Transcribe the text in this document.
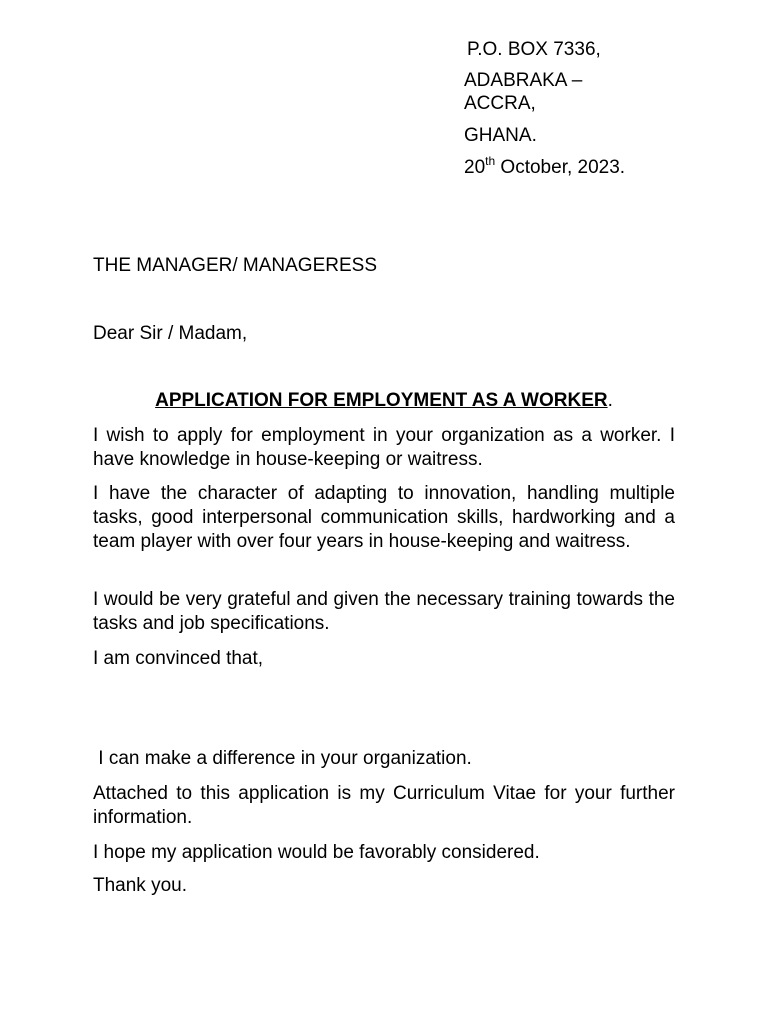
P.O. BOX 7336,
ADABRAKA –
ACCRA,
GHANA.
20th October, 2023.
THE MANAGER/ MANAGERESS
Dear Sir / Madam,
APPLICATION FOR EMPLOYMENT AS A WORKER.

I wish to apply for employment in your organization as a worker. I have knowledge in house-keeping or waitress.

I have the character of adapting to innovation, handling multiple tasks, good interpersonal communication skills, hardworking and a team player with over four years in house-keeping and waitress.

I would be very grateful and given the necessary training towards the tasks and job specifications.

I am convinced that,

I can make a difference in your organization.

Attached to this application is my Curriculum Vitae for your further information.

I hope my application would be favorably considered.

Thank you.
